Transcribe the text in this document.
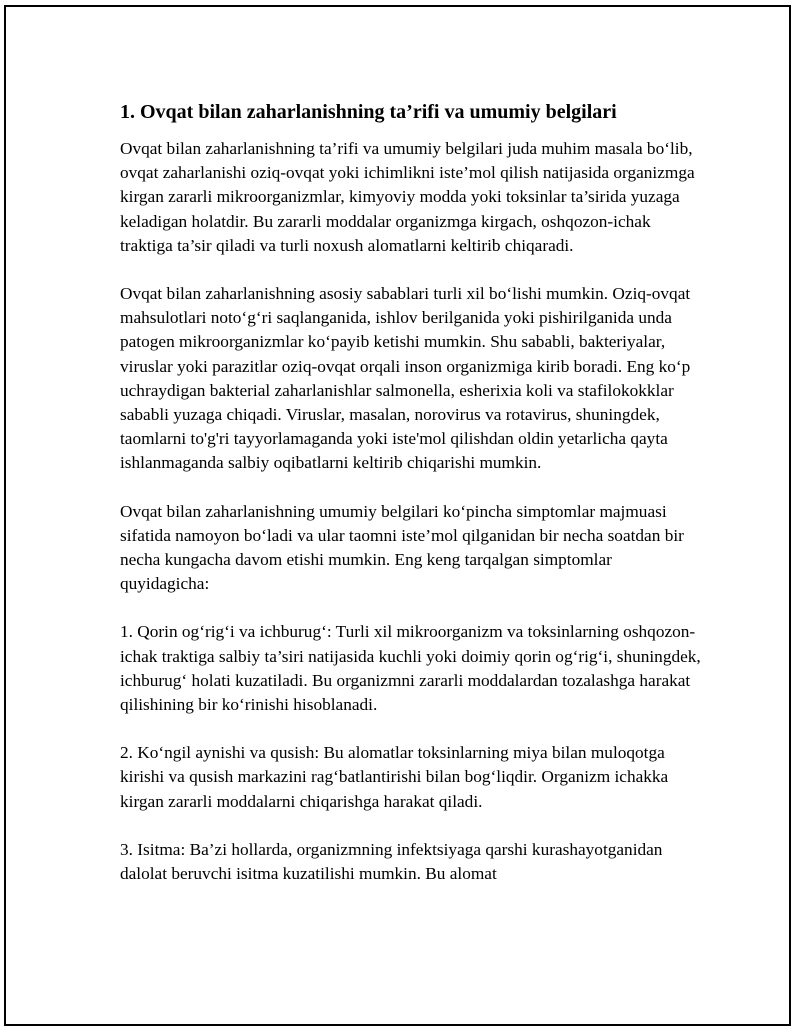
1. Ovqat bilan zaharlanishning ta’rifi va umumiy belgilari

Ovqat bilan zaharlanishning ta’rifi va umumiy belgilari juda muhim masala bo‘lib, ovqat zaharlanishi oziq-ovqat yoki ichimlikni iste’mol qilish natijasida organizmga kirgan zararli mikroorganizmlar, kimyoviy modda yoki toksinlar ta’sirida yuzaga keladigan holatdir. Bu zararli moddalar organizmga kirgach, oshqozon-ichak traktiga ta’sir qiladi va turli noxush alomatlarni keltirib chiqaradi.

Ovqat bilan zaharlanishning asosiy sabablari turli xil bo‘lishi mumkin. Oziq-ovqat mahsulotlari noto‘g‘ri saqlanganida, ishlov berilganida yoki pishirilganida unda patogen mikroorganizmlar ko‘payib ketishi mumkin. Shu sababli, bakteriyalar, viruslar yoki parazitlar oziq-ovqat orqali inson organizmiga kirib boradi. Eng ko‘p uchraydigan bakterial zaharlanishlar salmonella, esherixia koli va stafilokokklar sababli yuzaga chiqadi. Viruslar, masalan, norovirus va rotavirus, shuningdek, taomlarni to'g'ri tayyorlamaganda yoki iste'mol qilishdan oldin yetarlicha qayta ishlanmaganda salbiy oqibatlarni keltirib chiqarishi mumkin.

Ovqat bilan zaharlanishning umumiy belgilari ko‘pincha simptomlar majmuasi sifatida namoyon bo‘ladi va ular taomni iste’mol qilganidan bir necha soatdan bir necha kungacha davom etishi mumkin. Eng keng tarqalgan simptomlar quyidagicha:

1. Qorin og‘rig‘i va ichburug‘: Turli xil mikroorganizm va toksinlarning oshqozon-ichak traktiga salbiy ta’siri natijasida kuchli yoki doimiy qorin og‘rig‘i, shuningdek, ichburug‘ holati kuzatiladi. Bu organizmni zararli moddalardan tozalashga harakat qilishining bir ko‘rinishi hisoblanadi.

2. Ko‘ngil aynishi va qusish: Bu alomatlar toksinlarning miya bilan muloqotga kirishi va qusish markazini rag‘batlantirishi bilan bog‘liqdir. Organizm ichakka kirgan zararli moddalarni chiqarishga harakat qiladi.

3. Isitma: Ba’zi hollarda, organizmning infektsiyaga qarshi kurashayotganidan dalolat beruvchi isitma kuzatilishi mumkin. Bu alomat
